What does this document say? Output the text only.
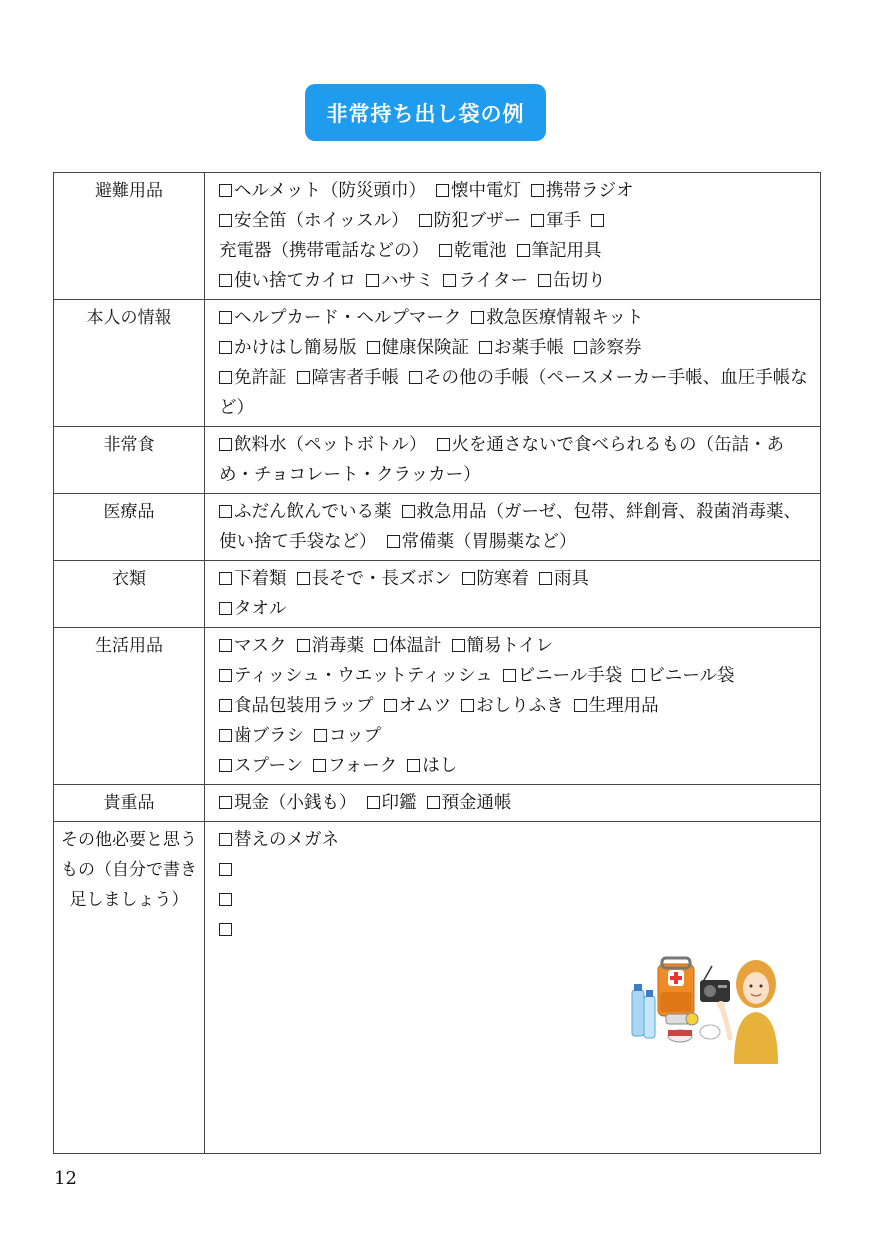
非常持ち出し袋の例
避難用品	ヘルメット（防災頭巾） 懐中電灯 携帯ラジオ
安全笛（ホイッスル） 防犯ブザー 軍手充電器（携帯電話などの） 乾電池 筆記用具
使い捨てカイロ ハサミ ライター 缶切り

本人の情報	ヘルプカード・ヘルプマーク 救急医療情報キット
かけはし簡易版 健康保険証 お薬手帳 診察券
免許証 障害者手帳 その他の手帳（ペースメーカー手帳、血圧手帳など）

非常食	飲料水（ペットボトル） 火を通さないで食べられるもの（缶詰・あめ・チョコレート・クラッカー）

医療品	ふだん飲んでいる薬 救急用品（ガーゼ、包帯、絆創膏、殺菌消毒薬、使い捨て手袋など） 常備薬（胃腸薬など）

衣類	下着類 長そで・長ズボン 防寒着 雨具
タオル

生活用品	マスク 消毒薬 体温計 簡易トイレ
ティッシュ・ウエットティッシュ ビニール手袋 ビニール袋
食品包装用ラップ オムツ おしりふき 生理用品
歯ブラシ コップ
スプーン フォーク はし

貴重品	現金（小銭も） 印鑑 預金通帳

その他必要と思うもの（自分で書き足しましょう）	替えのメガネ
12
